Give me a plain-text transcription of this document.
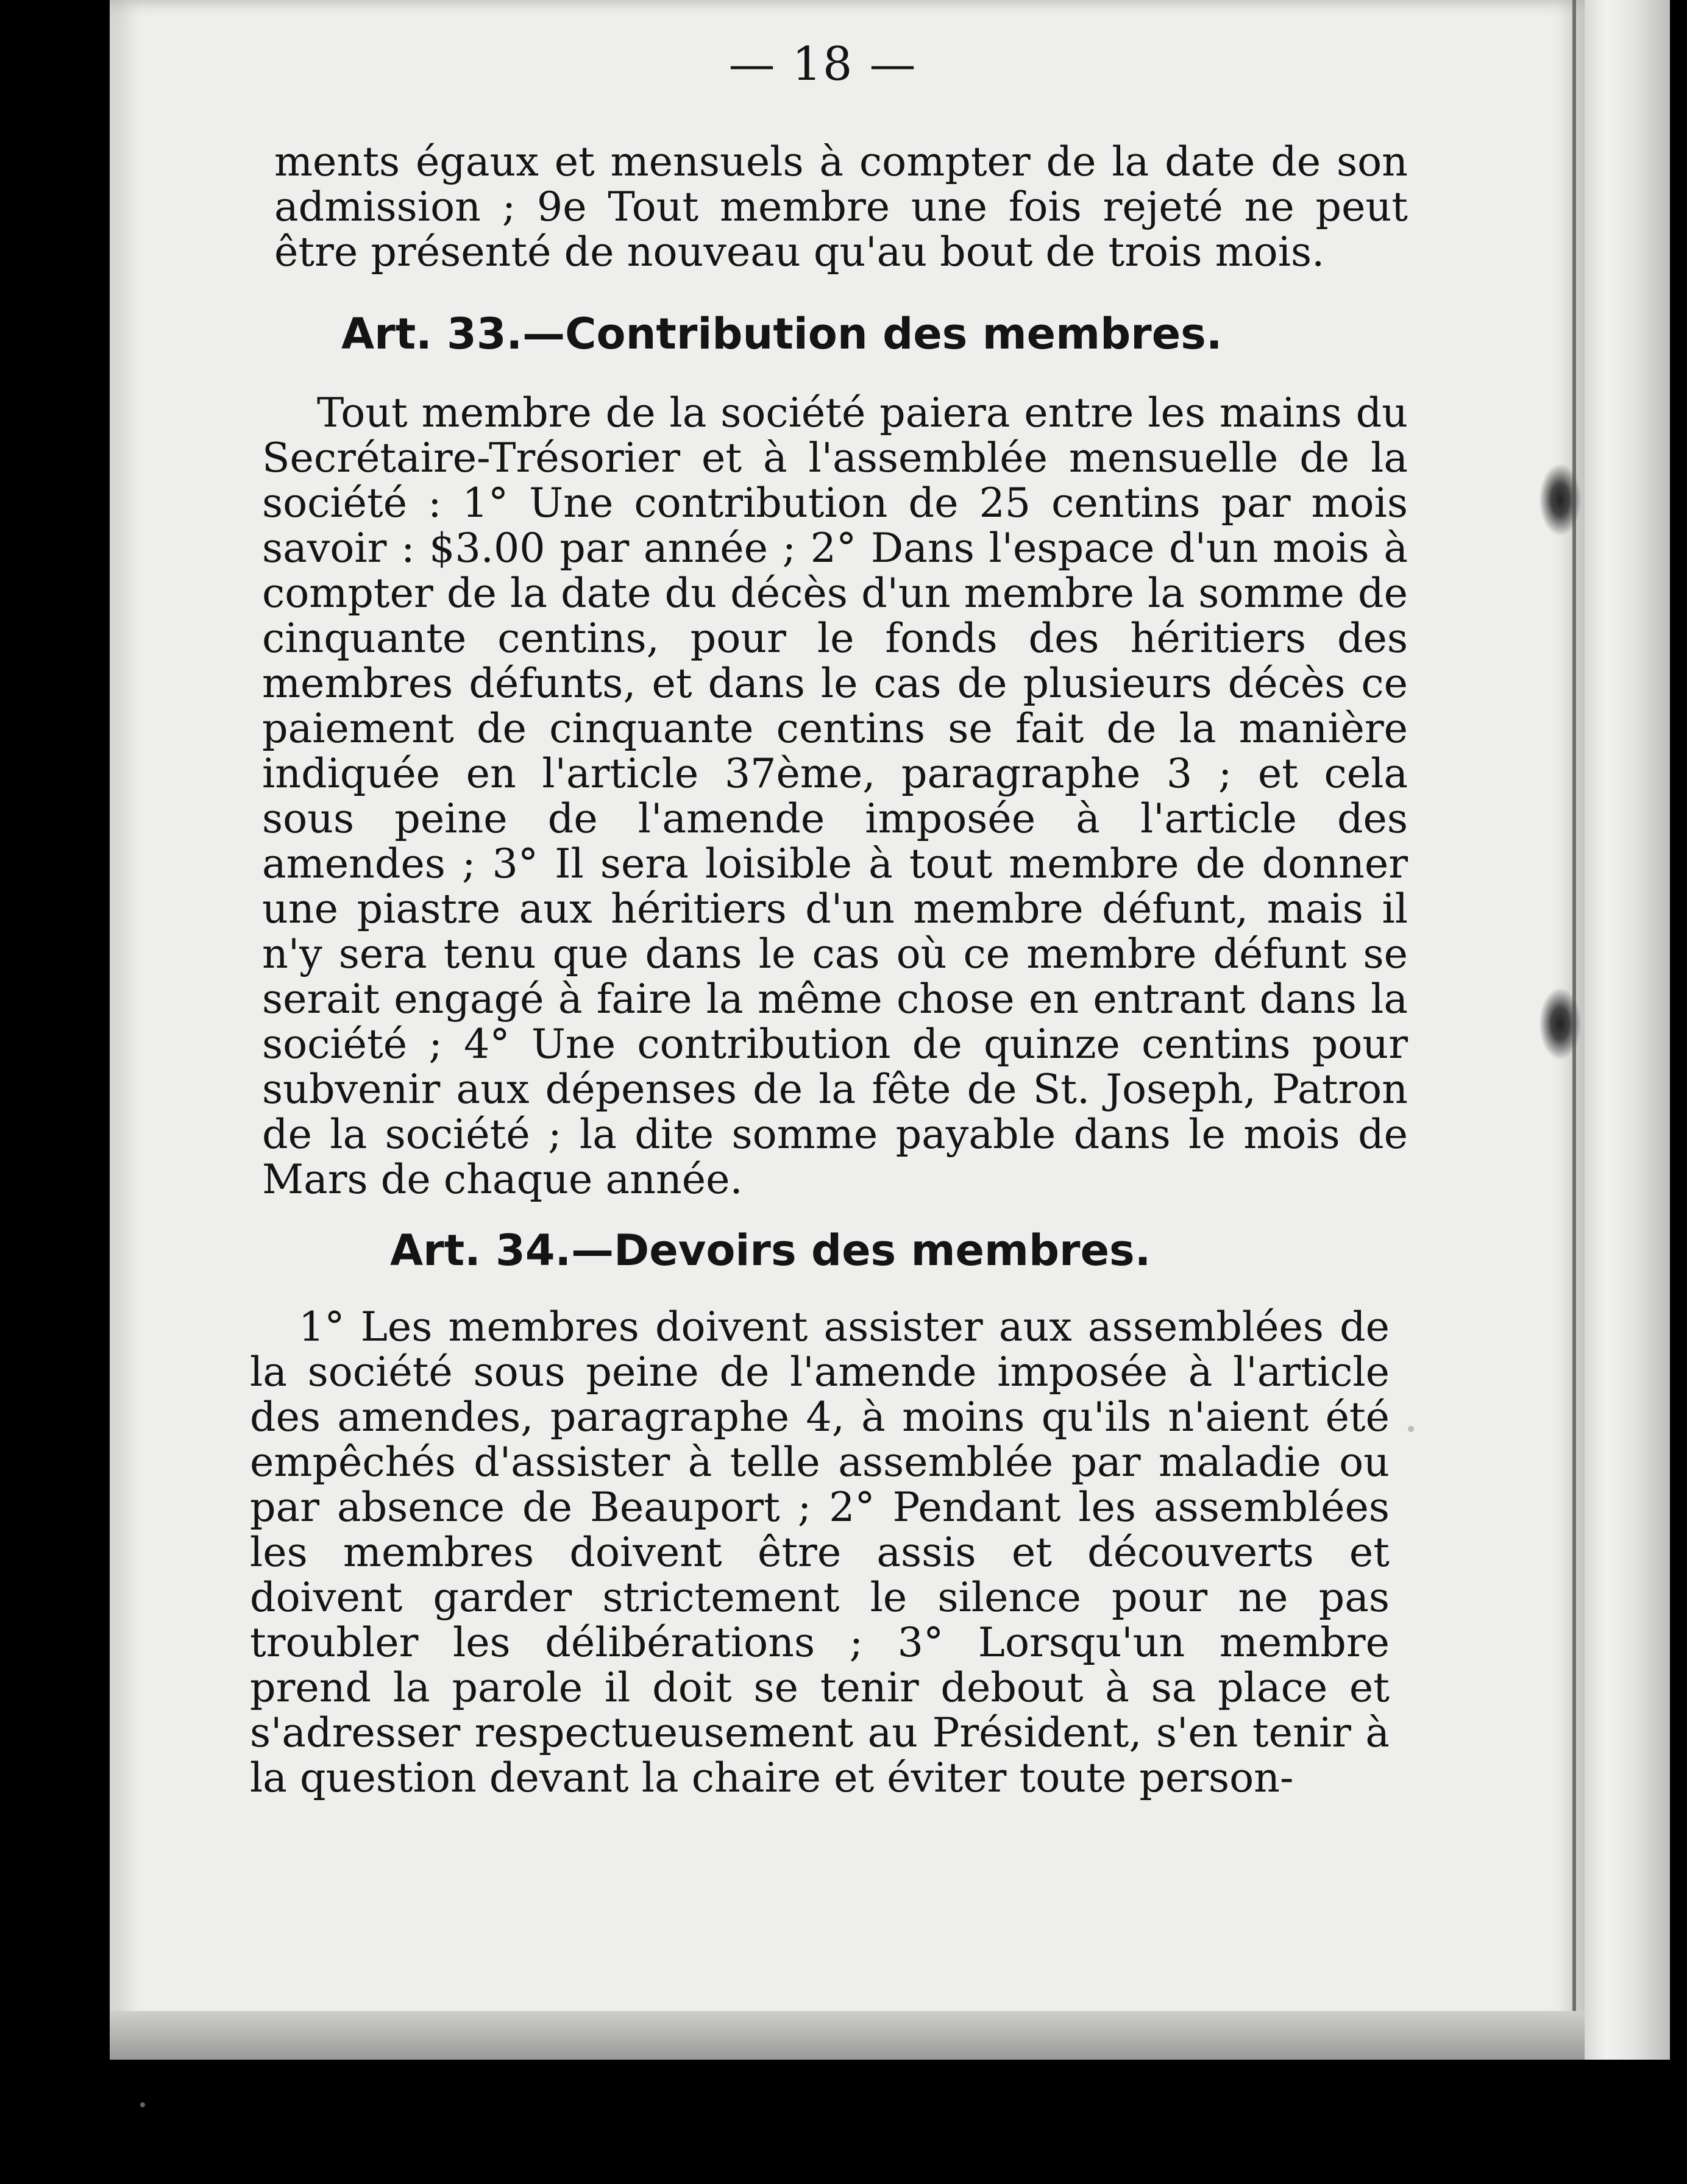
— 18 —

ments égaux et mensuels à compter de la date de son admission ; 9e Tout membre une fois rejeté ne peut être présenté de nouveau qu'au bout de trois mois.

Art. 33.—Contribution des membres.

Tout membre de la société paiera entre les mains du Secrétaire-Trésorier et à l'assemblée mensuelle de la société : 1° Une contribution de 25 centins par mois savoir : $3.00 par année ; 2° Dans l'espace d'un mois à compter de la date du décès d'un membre la somme de cinquante centins, pour le fonds des héritiers des membres défunts, et dans le cas de plusieurs décès ce paiement de cinquante centins se fait de la manière indiquée en l'article 37ème, paragraphe 3 ; et cela sous peine de l'amende imposée à l'article des amendes ; 3° Il sera loisible à tout membre de donner une piastre aux héritiers d'un membre défunt, mais il n'y sera tenu que dans le cas où ce membre défunt se serait engagé à faire la même chose en entrant dans la société ; 4° Une contribution de quinze centins pour subvenir aux dépenses de la fête de St. Joseph, Patron de la société ; la dite somme payable dans le mois de Mars de chaque année.

Art. 34.—Devoirs des membres.

1° Les membres doivent assister aux assemblées de la société sous peine de l'amende imposée à l'article des amendes, paragraphe 4, à moins qu'ils n'aient été empêchés d'assister à telle assemblée par maladie ou par absence de Beauport ; 2° Pendant les assemblées les membres doivent être assis et découverts et doivent garder strictement le silence pour ne pas troubler les délibérations ; 3° Lorsqu'un membre prend la parole il doit se tenir debout à sa place et s'adresser respectueusement au Président, s'en tenir à la question devant la chaire et éviter toute person-
